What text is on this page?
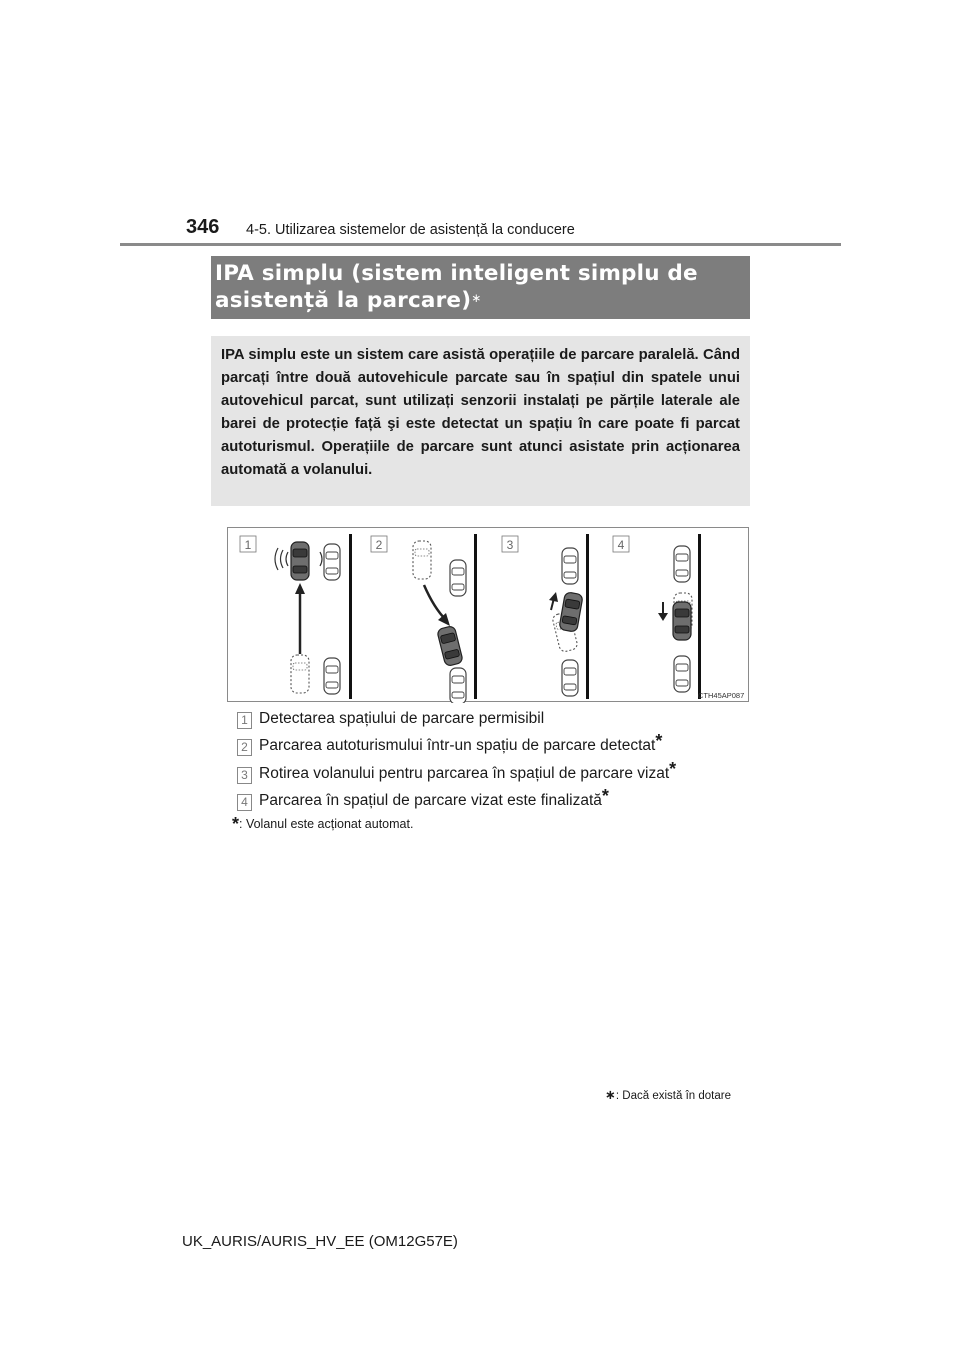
346 4-5. Utilizarea sistemelor de asistență la conducere
IPA simplu (sistem inteligent simplu de
asistență la parcare)∗

IPA simplu este un sistem care asistă operațiile de parcare paralelă. Când parcați între două autovehicule parcate sau în spațiul din spatele unui autovehicul parcat, sunt utilizați senzorii instalați pe părțile laterale ale barei de protecție față şi este detectat un spațiu în care poate fi parcat autoturismul. Operațiile de parcare sunt atunci asistate prin acționarea automată a volanului.

1	2	3	4
CTH45AP087
1 Detectarea spațiului de parcare permisibil
2 Parcarea autoturismului într-un spațiu de parcare detectat*
3 Rotirea volanului pentru parcarea în spațiul de parcare vizat*
4 Parcarea în spațiul de parcare vizat este finalizată*
*: Volanul este acționat automat.
∗: Dacă există în dotare
UK_AURIS/AURIS_HV_EE (OM12G57E)
